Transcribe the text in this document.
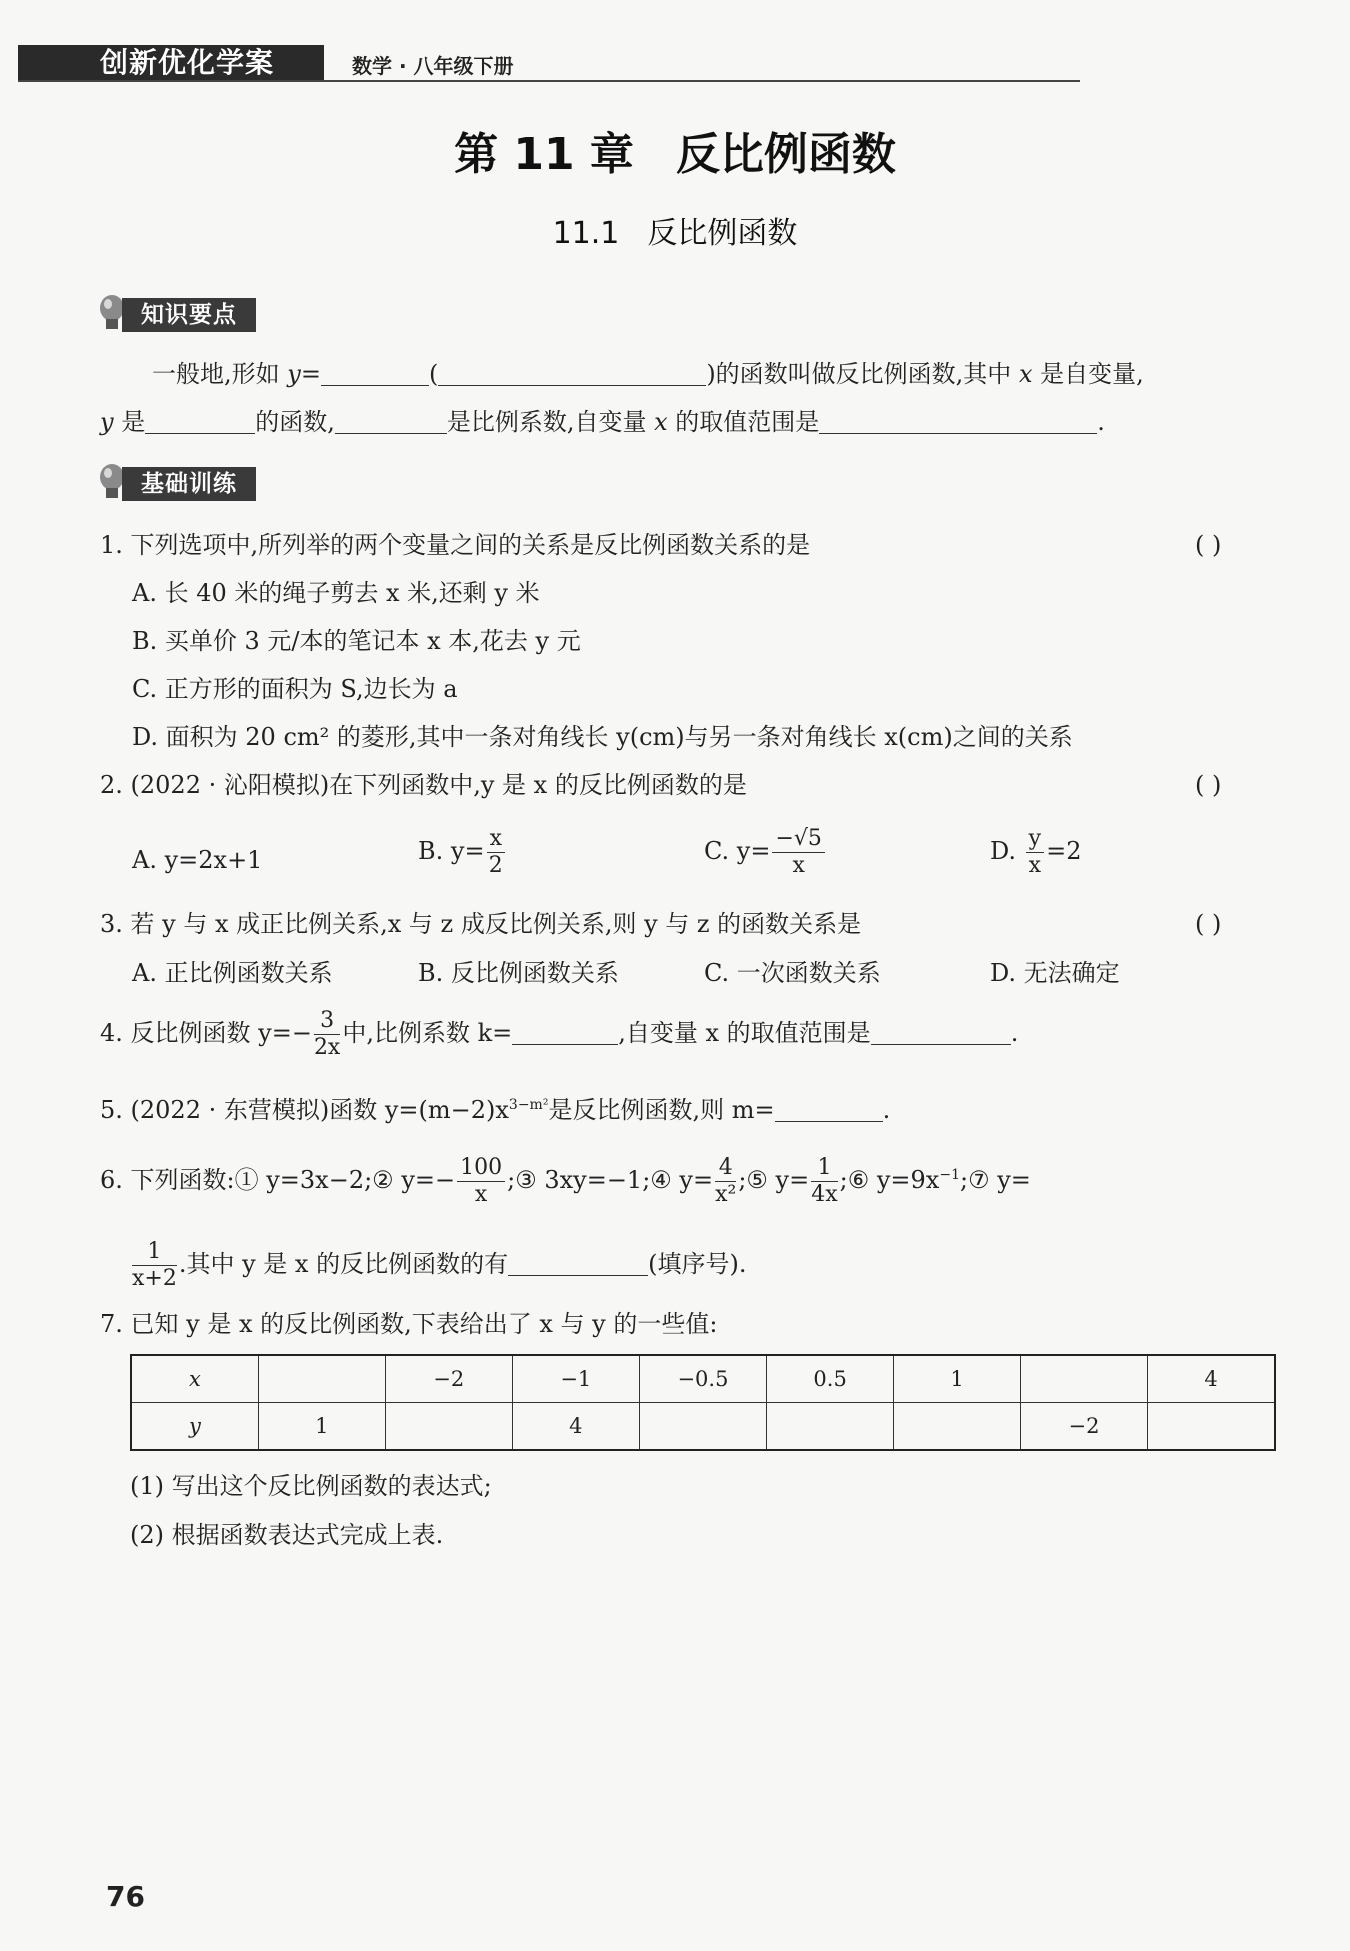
创新优化学案	数学 · 八年级下册
第 11 章 反比例函数
11.1 反比例函数
知识要点
一般地,形如 y=	(	)的函数叫做反比例函数,其中 x 是自变量,
y 是	的函数,	是比例系数,自变量 x 的取值范围是	.
基础训练
1. 下列选项中,所列举的两个变量之间的关系是反比例函数关系的是	( )
A. 长 40 米的绳子剪去 x 米,还剩 y 米
B. 买单价 3 元/本的笔记本 x 本,花去 y 元
C. 正方形的面积为 S,边长为 a
D. 面积为 20 cm² 的菱形,其中一条对角线长 y(cm)与另一条对角线长 x(cm)之间的关系
2. (2022 · 沁阳模拟)在下列函数中,y 是 x 的反比例函数的是	( )
A. y=2x+1	B. $y= \frac{x}{2}$	C. $y= \frac{-√5}{x}$	D. $\frac{y}{x} =2$
3. 若 y 与 x 成正比例关系,x 与 z 成反比例关系,则 y 与 z 的函数关系是	( )
A. 正比例函数关系	B. 反比例函数关系	C. 一次函数关系	D. 无法确定
4. 反比例函数 $y=- \frac{3}{2x}$ 中,比例系数 k=	,自变量 x 的取值范围是	.
5. (2022 · 东营模拟)函数 $y=(m-2)x^{3-m^2}$是反比例函数,则 m=	.
6. 下列函数:① y=3x−2;② $y=- \frac{100}{x}$ ;③ 3xy=−1;④ $y= \frac{4}{\text{x²}}$ ;⑤ $y= \frac{1}{4x}$ ;⑥ $y=9x^{-1};⑦$ y=
$\frac{1}{x+2}$ .其中 y 是 x 的反比例函数的有	(填序号).
7. 已知 y 是 x 的反比例函数,下表给出了 x 与 y 的一些值:
x		−2	−1	−0.5	0.5	1		4
y	1		4				−2	
(1) 写出这个反比例函数的表达式;
(2) 根据函数表达式完成上表.
76
